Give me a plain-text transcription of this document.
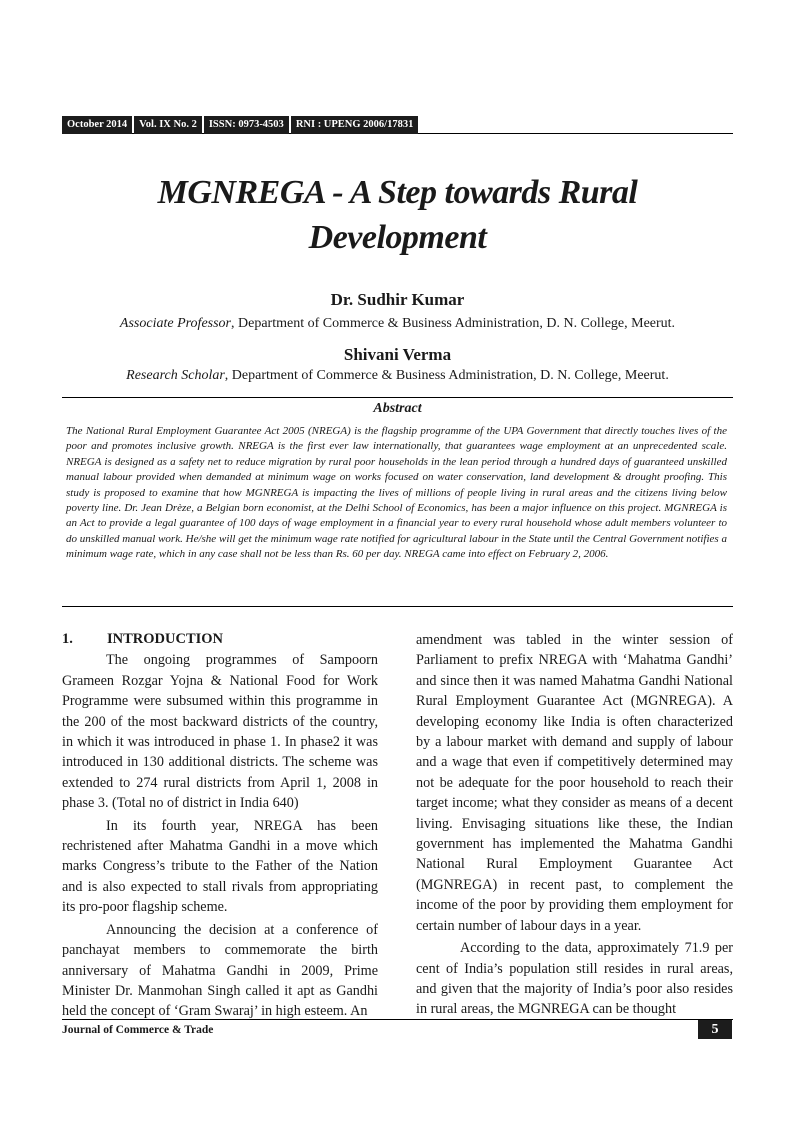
October 2014	Vol. IX No. 2	ISSN: 0973-4503	RNI : UPENG 2006/17831
MGNREGA - A Step towards Rural
Development
Dr. Sudhir Kumar
Associate Professor, Department of Commerce & Business Administration, D. N. College, Meerut.
Shivani Verma
Research Scholar, Department of Commerce & Business Administration, D. N. College, Meerut.
Abstract

The National Rural Employment Guarantee Act 2005 (NREGA) is the flagship programme of the UPA Government that directly touches lives of the poor and promotes inclusive growth. NREGA is the first ever law internationally, that guarantees wage employment at an unprecedented scale. NREGA is designed as a safety net to reduce migration by rural poor households in the lean period through a hundred days of guaranteed unskilled manual labour provided when demanded at minimum wage on works focused on water conservation, land development & drought proofing. This study is proposed to examine that how MGNREGA is impacting the lives of millions of people living in rural areas and the citizens living below poverty line. Dr. Jean Drèze, a Belgian born economist, at the Delhi School of Economics, has been a major influence on this project. MGNREGA is an Act to provide a legal guarantee of 100 days of wage employment in a financial year to every rural household whose adult members volunteer to do unskilled manual work. He/she will get the minimum wage rate notified for agricultural labour in the State until the Central Government notifies a minimum wage rate, which in any case shall not be less than Rs. 60 per day. NREGA came into effect on February 2, 2006.

1.	INTRODUCTION

The ongoing programmes of Sampoorn Grameen Rozgar Yojna & National Food for Work Programme were subsumed within this programme in the 200 of the most backward districts of the country, in which it was introduced in phase 1. In phase2 it was introduced in 130 additional districts. The scheme was extended to 274 rural districts from April 1, 2008 in phase 3. (Total no of district in India 640)

In its fourth year, NREGA has been rechristened after Mahatma Gandhi in a move which marks Congress’s tribute to the Father of the Nation and is also expected to stall rivals from appropriating its pro-poor flagship scheme.

Announcing the decision at a conference of panchayat members to commemorate the birth anniversary of Mahatma Gandhi in 2009, Prime Minister Dr. Manmohan Singh called it apt as Gandhi held the concept of ‘Gram Swaraj’ in high esteem. An

amendment was tabled in the winter session of Parliament to prefix NREGA with ‘Mahatma Gandhi’ and since then it was named Mahatma Gandhi National Rural Employment Guarantee Act (MGNREGA). A developing economy like India is often characterized by a labour market with demand and supply of labour and a wage that even if competitively determined may not be adequate for the poor household to reach their target income; what they consider as means of a decent living. Envisaging situations like these, the Indian government has implemented the Mahatma Gandhi National Rural Employment Guarantee Act (MGNREGA) in recent past, to complement the income of the poor by providing them employment for certain number of labour days in a year.

According to the data, approximately 71.9 per cent of India’s population still resides in rural areas, and given that the majority of India’s poor also resides in rural areas, the MGNREGA can be thought

Journal of Commerce & Trade	5
